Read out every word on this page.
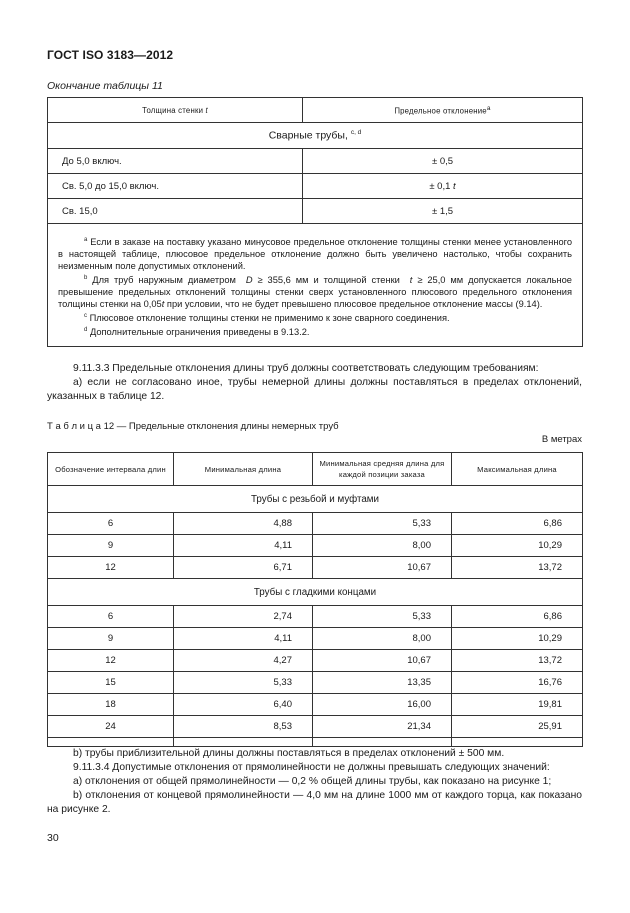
ГОСТ ISO 3183—2012
Окончание таблицы 11
Толщина стенки t	Предельное отклонение$^a$
Сварные трубы, $^{c, d}$
До 5,0 включ.	± 0,5
Св. 5,0 до 15,0 включ.	± 0,1 t
Св. 15,0	± 1,5

$^a$ Если в заказе на поставку указано минусовое предельное отклонение толщины стенки менее установленного в настоящей таблице, плюсовое предельное отклонение должно быть увеличено настолько, чтобы сохранить неизменным поле допустимых отклонений.

$^b$ Для труб наружным диаметром D ≥ 355,6 мм и толщиной стенки t ≥ 25,0 мм допускается локальное превышение предельных отклонений толщины стенки сверх установленного плюсового предельного отклонения толщины стенки на 0,05t при условии, что не будет превышено плюсовое предельное отклонение массы (9.14).

$^c$ Плюсовое отклонение толщины стенки не применимо к зоне сварного соединения.

$^d$ Дополнительные ограничения приведены в 9.13.2.	

9.11.3.3 Предельные отклонения длины труб должны соответствовать следующим требованиям:
а) если не согласовано иное, трубы немерной длины должны поставляться в пределах отклонений, указанных в таблице 12.
Т а б л и ц а 12 — Предельные отклонения длины немерных труб
В метрах
Обозначение интервала длин	Минимальная длина	Минимальная средняя длина для каждой позиции заказа	Максимальная длина
Трубы с резьбой и муфтами			
6	4,88	5,33	6,86
9	4,11	8,00	10,29
12	6,71	10,67	13,72
Трубы с гладкими концами			
6	2,74	5,33	6,86
9	4,11	8,00	10,29
12	4,27	10,67	13,72
15	5,33	13,35	16,76
18	6,40	16,00	19,81
24	8,53	21,34	25,91

b) трубы приблизительной длины должны поставляться в пределах отклонений ± 500 мм.
9.11.3.4 Допустимые отклонения от прямолинейности не должны превышать следующих значений:
a) отклонения от общей прямолинейности — 0,2 % общей длины трубы, как показано на рисунке 1;
b) отклонения от концевой прямолинейности — 4,0 мм на длине 1000 мм от каждого торца, как показано на рисунке 2.
30
